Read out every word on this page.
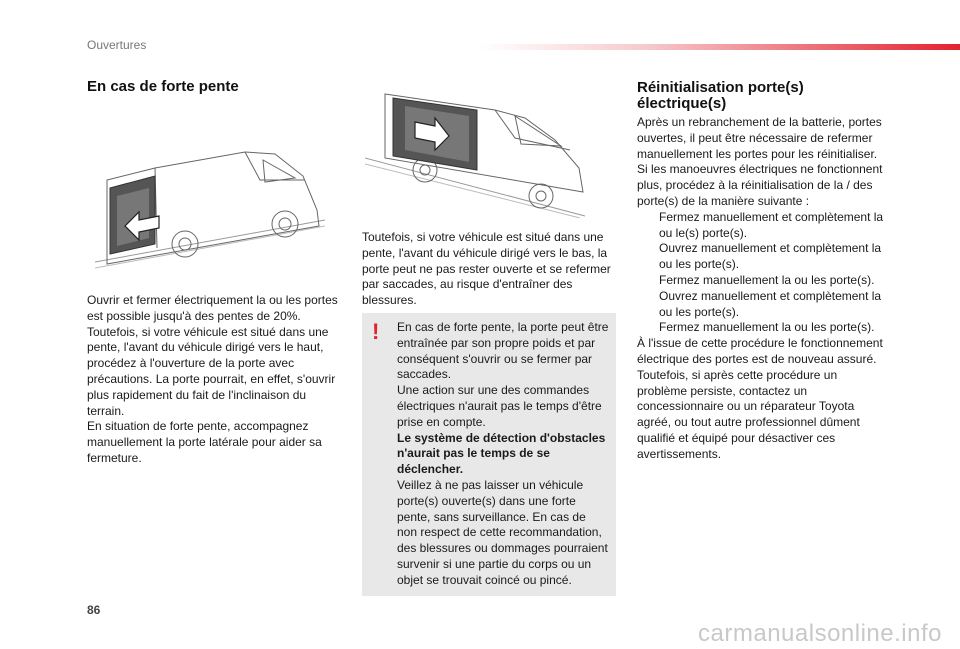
Ouvertures
En cas de forte pente

Ouvrir et fermer électriquement la ou les portes est possible jusqu'à des pentes de 20%.

Toutefois, si votre véhicule est situé dans une pente, l'avant du véhicule dirigé vers le haut, procédez à l'ouverture de la porte avec précautions. La porte pourrait, en effet, s'ouvrir plus rapidement du fait de l'inclinaison du terrain.

En situation de forte pente, accompagnez manuellement la porte latérale pour aider sa fermeture.

Toutefois, si votre véhicule est situé dans une pente, l'avant du véhicule dirigé vers le bas, la porte peut ne pas rester ouverte et se refermer par saccades, au risque d'entraîner des blessures.
! En cas de forte pente, la porte peut être entraînée par son propre poids et par conséquent s'ouvrir ou se fermer par saccades.

Une action sur une des commandes électriques n'aurait pas le temps d'être prise en compte.

Le système de détection d'obstacles n'aurait pas le temps de se déclencher.

Veillez à ne pas laisser un véhicule porte(s) ouverte(s) dans une forte pente, sans surveillance. En cas de non respect de cette recommandation, des blessures ou dommages pourraient survenir si une partie du corps ou un objet se trouvait coincé ou pincé.

Réinitialisation porte(s) électrique(s)

Après un rebranchement de la batterie, portes ouvertes, il peut être nécessaire de refermer manuellement les portes pour les réinitialiser. Si les manoeuvres électriques ne fonctionnent plus, procédez à la réinitialisation de la / des porte(s) de la manière suivante :

Fermez manuellement et complètement la ou le(s) porte(s).
Ouvrez manuellement et complètement la ou les porte(s).
Fermez manuellement la ou les porte(s).
Ouvrez manuellement et complètement la ou les porte(s).
Fermez manuellement la ou les porte(s).

À l'issue de cette procédure le fonctionnement électrique des portes est de nouveau assuré.

Toutefois, si après cette procédure un problème persiste, contactez un concessionnaire ou un réparateur Toyota agréé, ou tout autre professionnel dûment qualifié et équipé pour désactiver ces avertissements.

86
carmanualsonline.info
